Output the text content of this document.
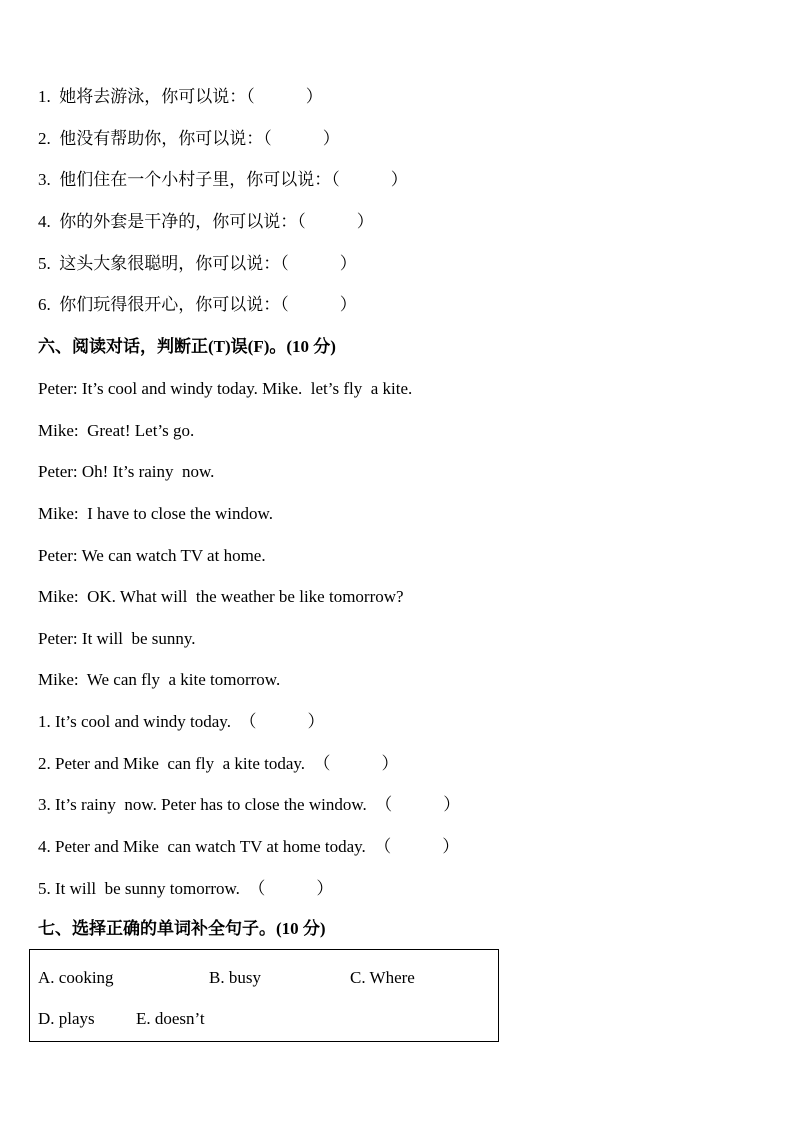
1.  她将去游泳，你可以说：（            ）
2.  他没有帮助你，你可以说：（            ）
3.  他们住在一个小村子里，你可以说：（            ）
4.  你的外套是干净的，你可以说：（            ）
5.  这头大象很聪明，你可以说：（            ）
6.  你们玩得很开心，你可以说：（            ）
六、阅读对话，判断正(T)误(F)。(10 分)
Peter: It’s cool and windy today. Mike.  let’s fly  a kite.
Mike:  Great! Let’s go.
Peter: Oh! It’s rainy  now.
Mike:  I have to close the window.
Peter: We can watch TV at home.
Mike:  OK. What will  the weather be like tomorrow?
Peter: It will  be sunny.
Mike:  We can fly  a kite tomorrow.
1. It’s cool and windy today.  （            ）
2. Peter and Mike  can fly  a kite today.  （            ）
3. It’s rainy  now. Peter has to close the window.  （            ）
4. Peter and Mike  can watch TV at home today.  （            ）
5. It will  be sunny tomorrow.  （            ）
七、选择正确的单词补全句子。(10 分)
A. cooking	B. busy	C. Where
D. plays E. doesn’t
